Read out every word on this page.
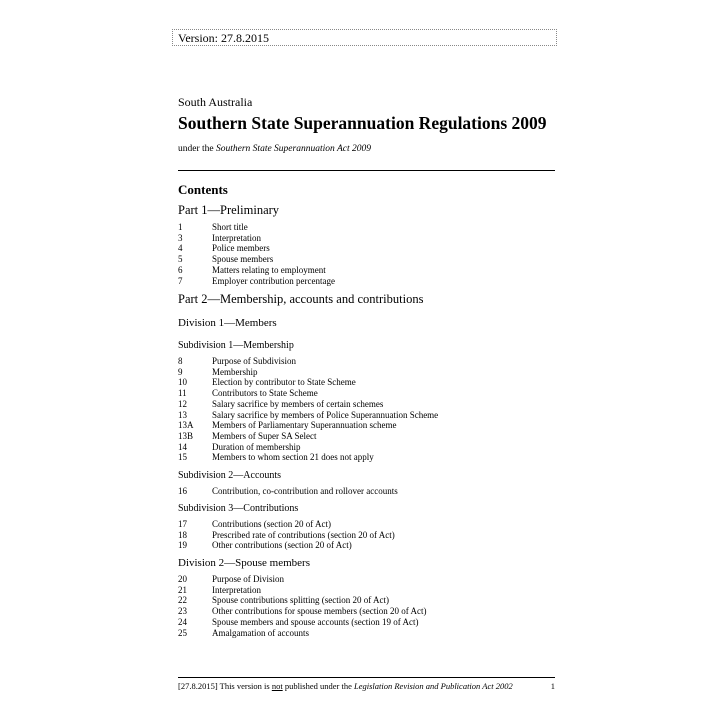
Version: 27.8.2015
South Australia
Southern State Superannuation Regulations 2009
under the Southern State Superannuation Act 2009
Contents
Part 1—Preliminary
1	Short title
3	Interpretation
4	Police members
5	Spouse members
6	Matters relating to employment
7	Employer contribution percentage
Part 2—Membership, accounts and contributions
Division 1—Members
Subdivision 1—Membership
8	Purpose of Subdivision
9	Membership
10	Election by contributor to State Scheme
11	Contributors to State Scheme
12	Salary sacrifice by members of certain schemes
13	Salary sacrifice by members of Police Superannuation Scheme
13A	Members of Parliamentary Superannuation scheme
13B	Members of Super SA Select
14	Duration of membership
15	Members to whom section 21 does not apply
Subdivision 2—Accounts
16	Contribution, co-contribution and rollover accounts
Subdivision 3—Contributions
17	Contributions (section 20 of Act)
18	Prescribed rate of contributions (section 20 of Act)
19	Other contributions (section 20 of Act)
Division 2—Spouse members
20	Purpose of Division
21	Interpretation
22	Spouse contributions splitting (section 20 of Act)
23	Other contributions for spouse members (section 20 of Act)
24	Spouse members and spouse accounts (section 19 of Act)
25	Amalgamation of accounts
[27.8.2015] This version is not published under the Legislation Revision and Publication Act 2002	1
